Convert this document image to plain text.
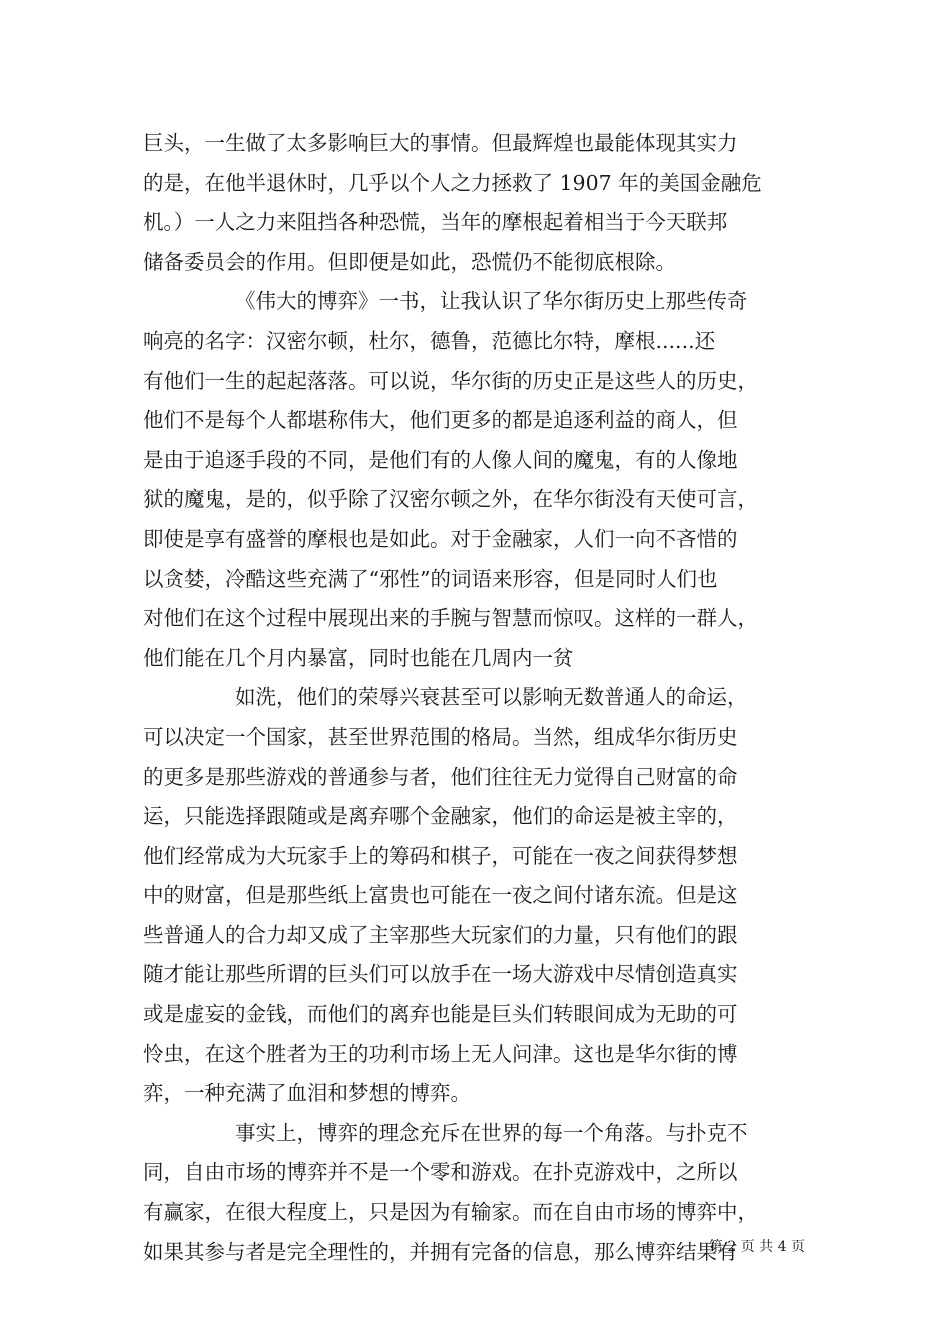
巨头，一生做了太多影响巨大的事情。但最辉煌也最能体现其实力
的是，在他半退休时，几乎以个人之力拯救了 1907 年的美国金融危
机。）一人之力来阻挡各种恐慌，当年的摩根起着相当于今天联邦
储备委员会的作用。但即便是如此，恐慌仍不能彻底根除。
《伟大的博弈》一书，让我认识了华尔街历史上那些传奇
响亮的名字：汉密尔顿，杜尔，德鲁，范德比尔特，摩根......还
有他们一生的起起落落。可以说，华尔街的历史正是这些人的历史，
他们不是每个人都堪称伟大，他们更多的都是追逐利益的商人，但
是由于追逐手段的不同，是他们有的人像人间的魔鬼，有的人像地
狱的魔鬼，是的，似乎除了汉密尔顿之外，在华尔街没有天使可言，
即使是享有盛誉的摩根也是如此。对于金融家，人们一向不吝惜的
以贪婪，冷酷这些充满了“邪性”的词语来形容，但是同时人们也
对他们在这个过程中展现出来的手腕与智慧而惊叹。这样的一群人，
他们能在几个月内暴富，同时也能在几周内一贫
如洗，他们的荣辱兴衰甚至可以影响无数普通人的命运，
可以决定一个国家，甚至世界范围的格局。当然，组成华尔街历史
的更多是那些游戏的普通参与者，他们往往无力觉得自己财富的命
运，只能选择跟随或是离弃哪个金融家，他们的命运是被主宰的，
他们经常成为大玩家手上的筹码和棋子，可能在一夜之间获得梦想
中的财富，但是那些纸上富贵也可能在一夜之间付诸东流。但是这
些普通人的合力却又成了主宰那些大玩家们的力量，只有他们的跟
随才能让那些所谓的巨头们可以放手在一场大游戏中尽情创造真实
或是虚妄的金钱，而他们的离弃也能是巨头们转眼间成为无助的可
怜虫，在这个胜者为王的功利市场上无人问津。这也是华尔街的博
弈，一种充满了血泪和梦想的博弈。
事实上，博弈的理念充斥在世界的每一个角落。与扑克不
同，自由市场的博弈并不是一个零和游戏。在扑克游戏中，之所以
有赢家，在很大程度上，只是因为有输家。而在自由市场的博弈中，
如果其参与者是完全理性的，并拥有完备的信息，那么博弈结果有
第 2 页 共 4 页
